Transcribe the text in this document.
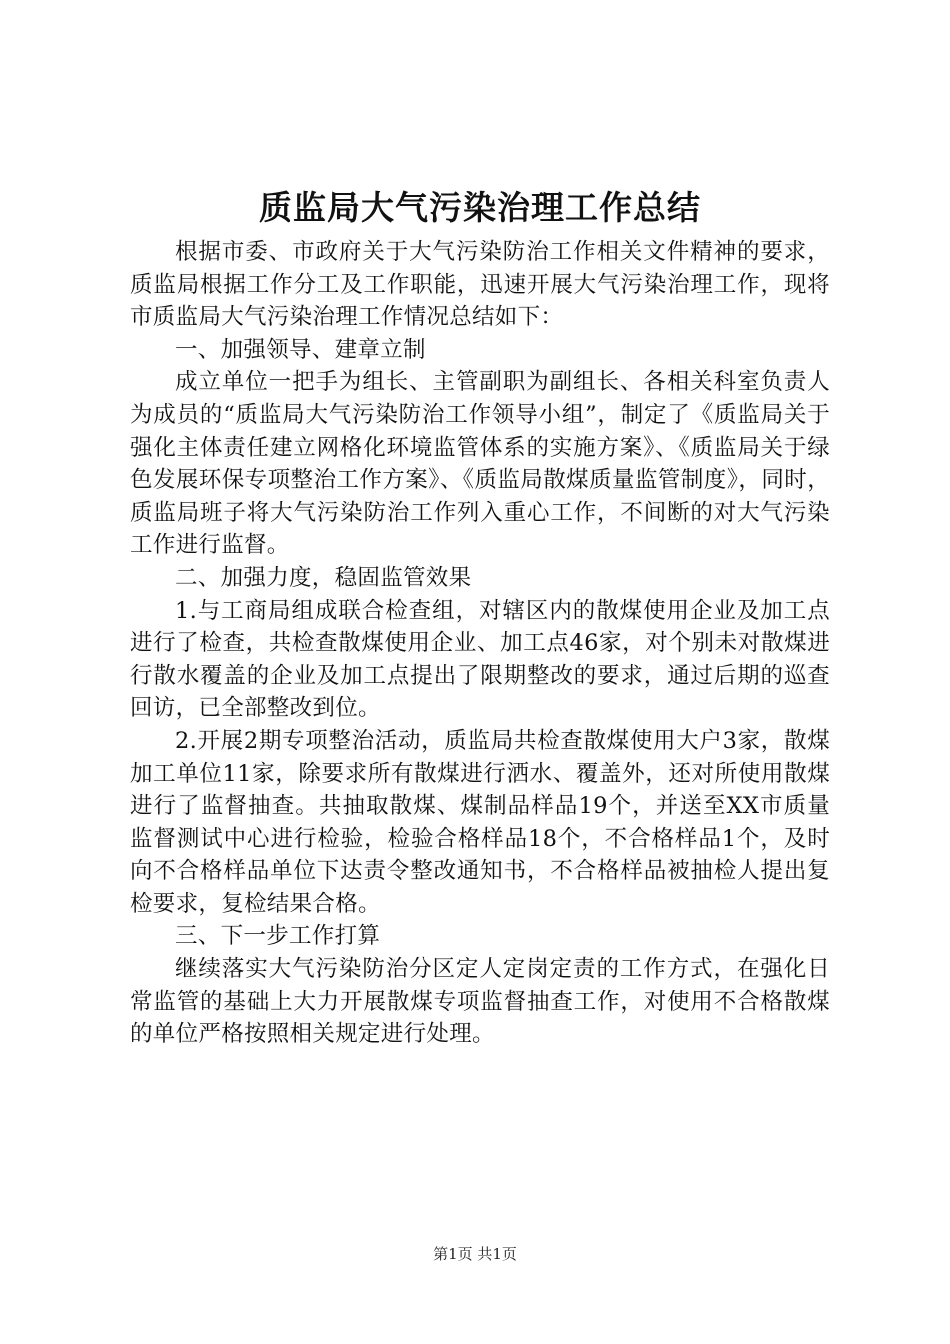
质监局大气污染治理工作总结

根据市委、市政府关于大气污染防治工作相关文件精神的要求，质监局根据工作分工及工作职能，迅速开展大气污染治理工作，现将市质监局大气污染治理工作情况总结如下：

一、加强领导、建章立制

成立单位一把手为组长、主管副职为副组长、各相关科室负责人为成员的“质监局大气污染防治工作领导小组”，制定了《质监局关于强化主体责任建立网格化环境监管体系的实施方案》、《质监局关于绿色发展环保专项整治工作方案》、《质监局散煤质量监管制度》，同时，质监局班子将大气污染防治工作列入重心工作，不间断的对大气污染工作进行监督。

二、加强力度，稳固监管效果

1.与工商局组成联合检查组，对辖区内的散煤使用企业及加工点进行了检查，共检查散煤使用企业、加工点46家，对个别未对散煤进行散水覆盖的企业及加工点提出了限期整改的要求，通过后期的巡查回访，已全部整改到位。

2.开展2期专项整治活动，质监局共检查散煤使用大户3家，散煤加工单位11家，除要求所有散煤进行洒水、覆盖外，还对所使用散煤进行了监督抽查。共抽取散煤、煤制品样品19个，并送至XX市质量监督测试中心进行检验，检验合格样品18个，不合格样品1个，及时向不合格样品单位下达责令整改通知书，不合格样品被抽检人提出复检要求，复检结果合格。

三、下一步工作打算

继续落实大气污染防治分区定人定岗定责的工作方式，在强化日常监管的基础上大力开展散煤专项监督抽查工作，对使用不合格散煤的单位严格按照相关规定进行处理。

第1页 共1页
